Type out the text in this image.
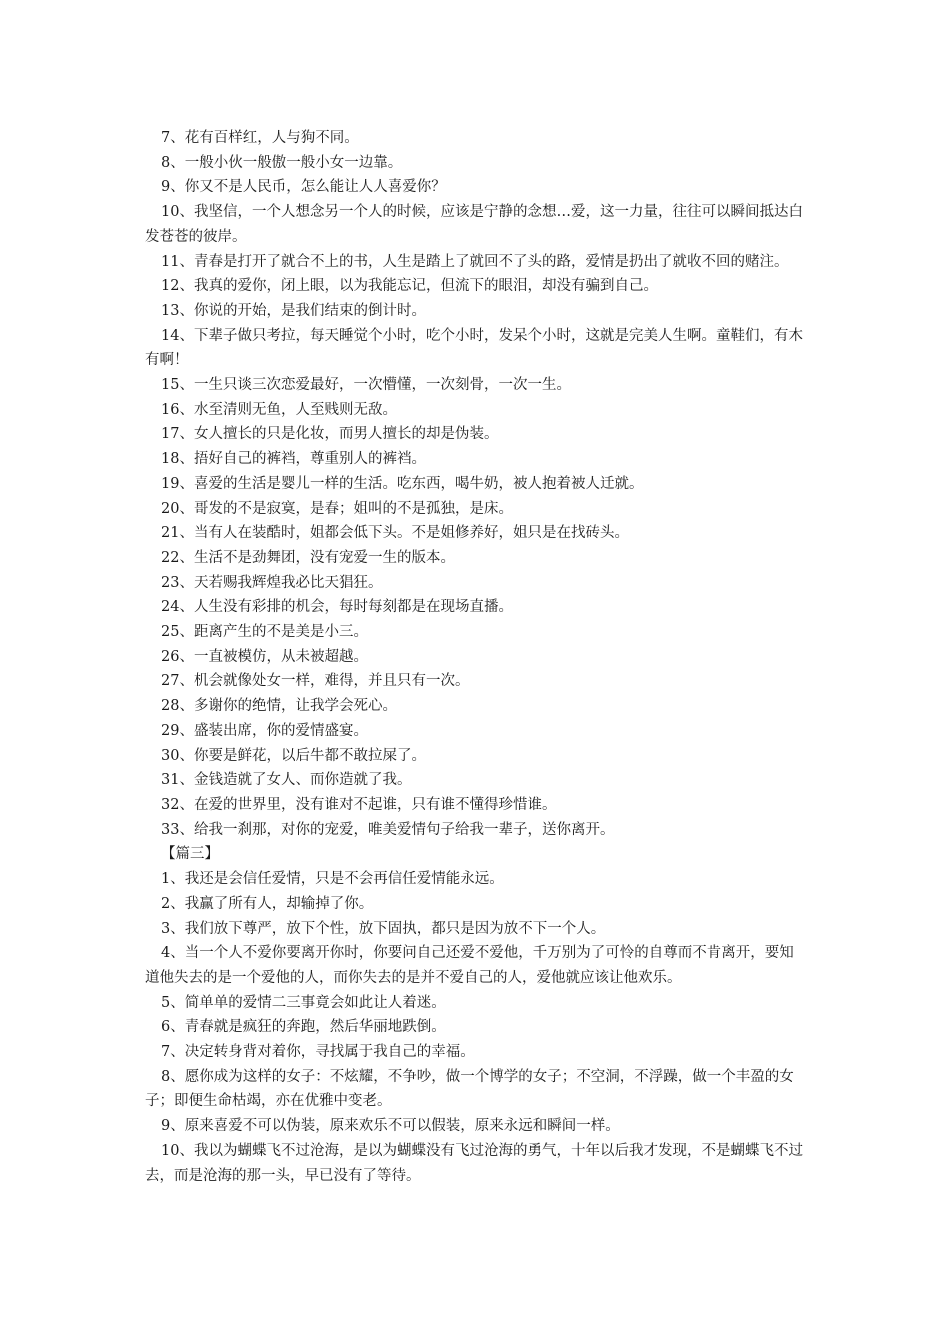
7、花有百样红，人与狗不同。

8、一般小伙一般傲一般小女一边靠。

9、你又不是人民币，怎么能让人人喜爱你？

10、我坚信，一个人想念另一个人的时候，应该是宁静的念想…爱，这一力量，往往可以瞬间抵达白发苍苍的彼岸。

11、青春是打开了就合不上的书，人生是踏上了就回不了头的路，爱情是扔出了就收不回的赌注。

12、我真的爱你，闭上眼，以为我能忘记，但流下的眼泪，却没有骗到自己。

13、你说的开始，是我们结束的倒计时。

14、下辈子做只考拉，每天睡觉个小时，吃个小时，发呆个小时，这就是完美人生啊。童鞋们，有木有啊！

15、一生只谈三次恋爱最好，一次懵懂，一次刻骨，一次一生。

16、水至清则无鱼，人至贱则无敌。

17、女人擅长的只是化妆，而男人擅长的却是伪装。

18、捂好自己的裤裆，尊重别人的裤裆。

19、喜爱的生活是婴儿一样的生活。吃东西，喝牛奶，被人抱着被人迁就。

20、哥发的不是寂寞，是春；姐叫的不是孤独，是床。

21、当有人在装酷时，姐都会低下头。不是姐修养好，姐只是在找砖头。

22、生活不是劲舞团，没有宠爱一生的版本。

23、天若赐我辉煌我必比天猖狂。

24、人生没有彩排的机会，每时每刻都是在现场直播。

25、距离产生的不是美是小三。

26、一直被模仿，从未被超越。

27、机会就像处女一样，难得，并且只有一次。

28、多谢你的绝情，让我学会死心。

29、盛装出席，你的爱情盛宴。

30、你要是鲜花，以后牛都不敢拉屎了。

31、金钱造就了女人、而你造就了我。

32、在爱的世界里，没有谁对不起谁，只有谁不懂得珍惜谁。

33、给我一刹那，对你的宠爱，唯美爱情句子给我一辈子，送你离开。

【篇三】

1、我还是会信任爱情，只是不会再信任爱情能永远。

2、我赢了所有人，却输掉了你。

3、我们放下尊严，放下个性，放下固执，都只是因为放不下一个人。

4、当一个人不爱你要离开你时，你要问自己还爱不爱他，千万别为了可怜的自尊而不肯离开，要知道他失去的是一个爱他的人，而你失去的是并不爱自己的人，爱他就应该让他欢乐。

5、简单单的爱情二三事竟会如此让人着迷。

6、青春就是疯狂的奔跑，然后华丽地跌倒。

7、决定转身背对着你，寻找属于我自己的幸福。

8、愿你成为这样的女子：不炫耀，不争吵，做一个博学的女子；不空洞，不浮躁，做一个丰盈的女子；即便生命枯竭，亦在优雅中变老。

9、原来喜爱不可以伪装，原来欢乐不可以假装，原来永远和瞬间一样。

10、我以为蝴蝶飞不过沧海，是以为蝴蝶没有飞过沧海的勇气，十年以后我才发现，不是蝴蝶飞不过去，而是沧海的那一头，早已没有了等待。
